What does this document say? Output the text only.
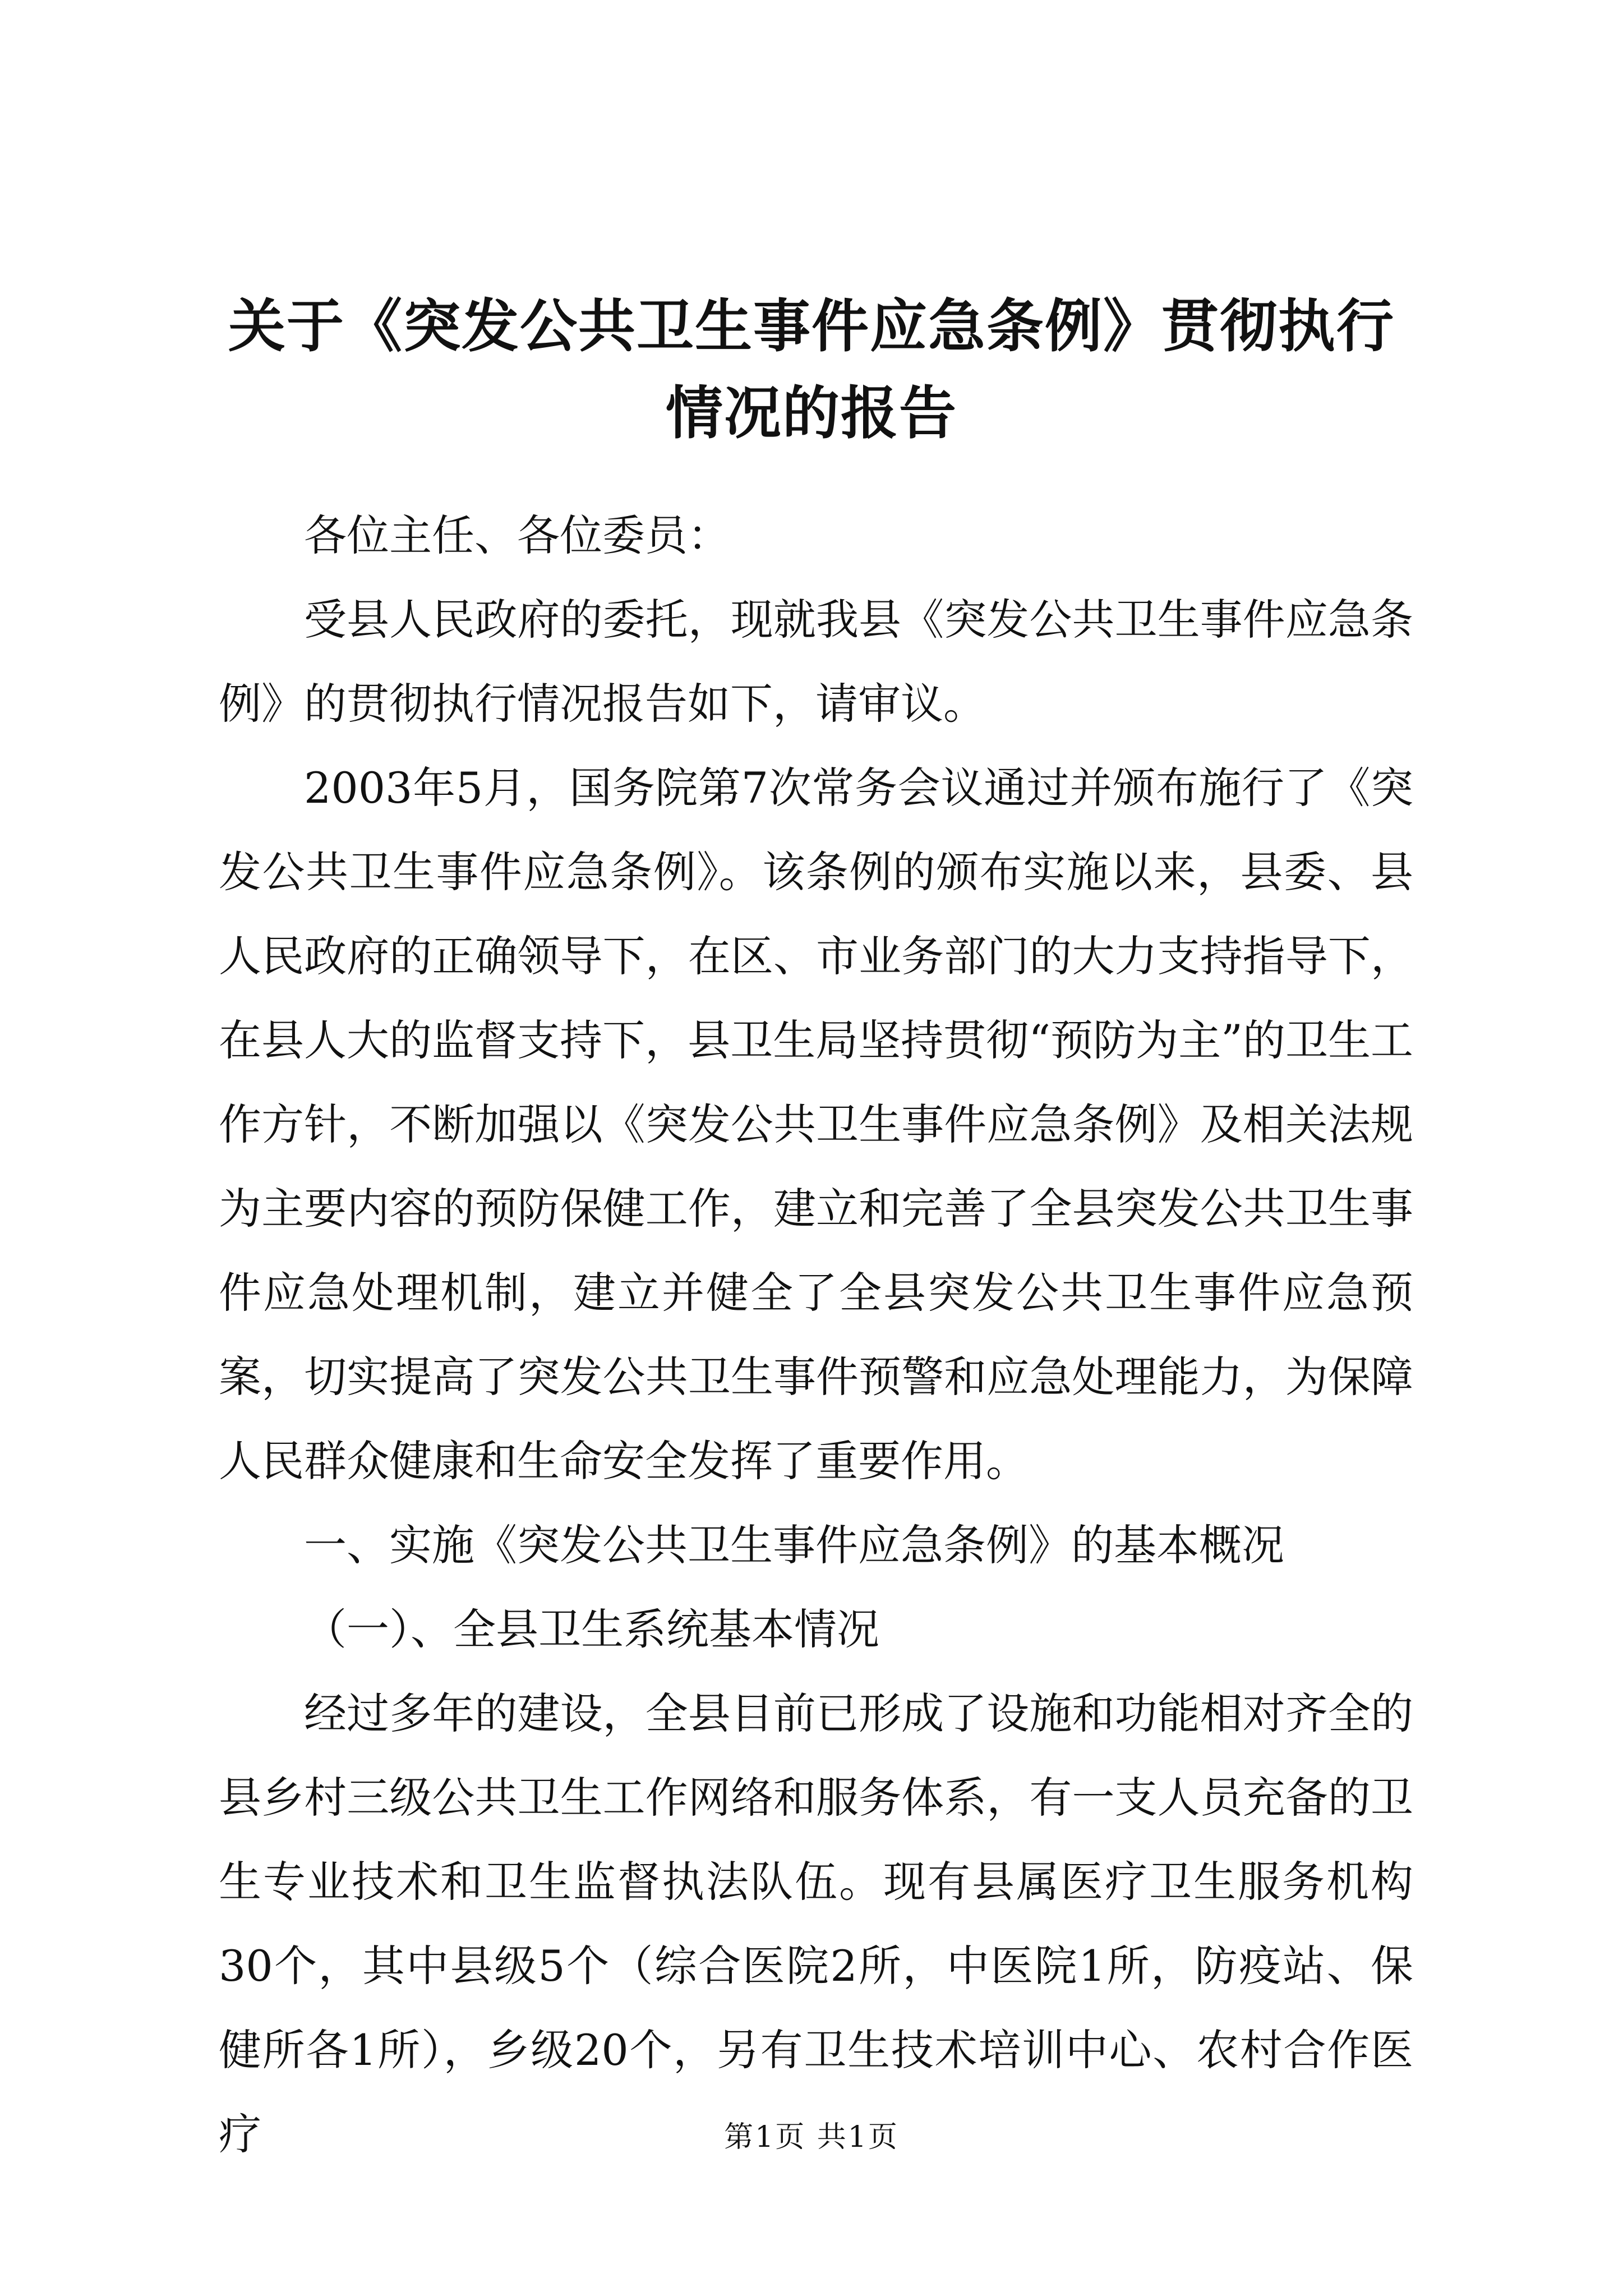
关于《突发公共卫生事件应急条例》贯彻执行情况的报告

各位主任、各位委员：

受县人民政府的委托，现就我县《突发公共卫生事件应急条例》的贯彻执行情况报告如下，请审议。

2003年5月，国务院第7次常务会议通过并颁布施行了《突发公共卫生事件应急条例》。该条例的颁布实施以来，县委、县人民政府的正确领导下，在区、市业务部门的大力支持指导下，在县人大的监督支持下，县卫生局坚持贯彻“预防为主”的卫生工作方针，不断加强以《突发公共卫生事件应急条例》及相关法规为主要内容的预防保健工作，建立和完善了全县突发公共卫生事件应急处理机制，建立并健全了全县突发公共卫生事件应急预案，切实提高了突发公共卫生事件预警和应急处理能力，为保障人民群众健康和生命安全发挥了重要作用。

一、实施《突发公共卫生事件应急条例》的基本概况

（一）、全县卫生系统基本情况

经过多年的建设，全县目前已形成了设施和功能相对齐全的县乡村三级公共卫生工作网络和服务体系，有一支人员充备的卫生专业技术和卫生监督执法队伍。现有县属医疗卫生服务机构30个，其中县级5个（综合医院2所，中医院1所，防疫站、保健所各1所），乡级20个，另有卫生技术培训中心、农村合作医疗	第1页 共1页
